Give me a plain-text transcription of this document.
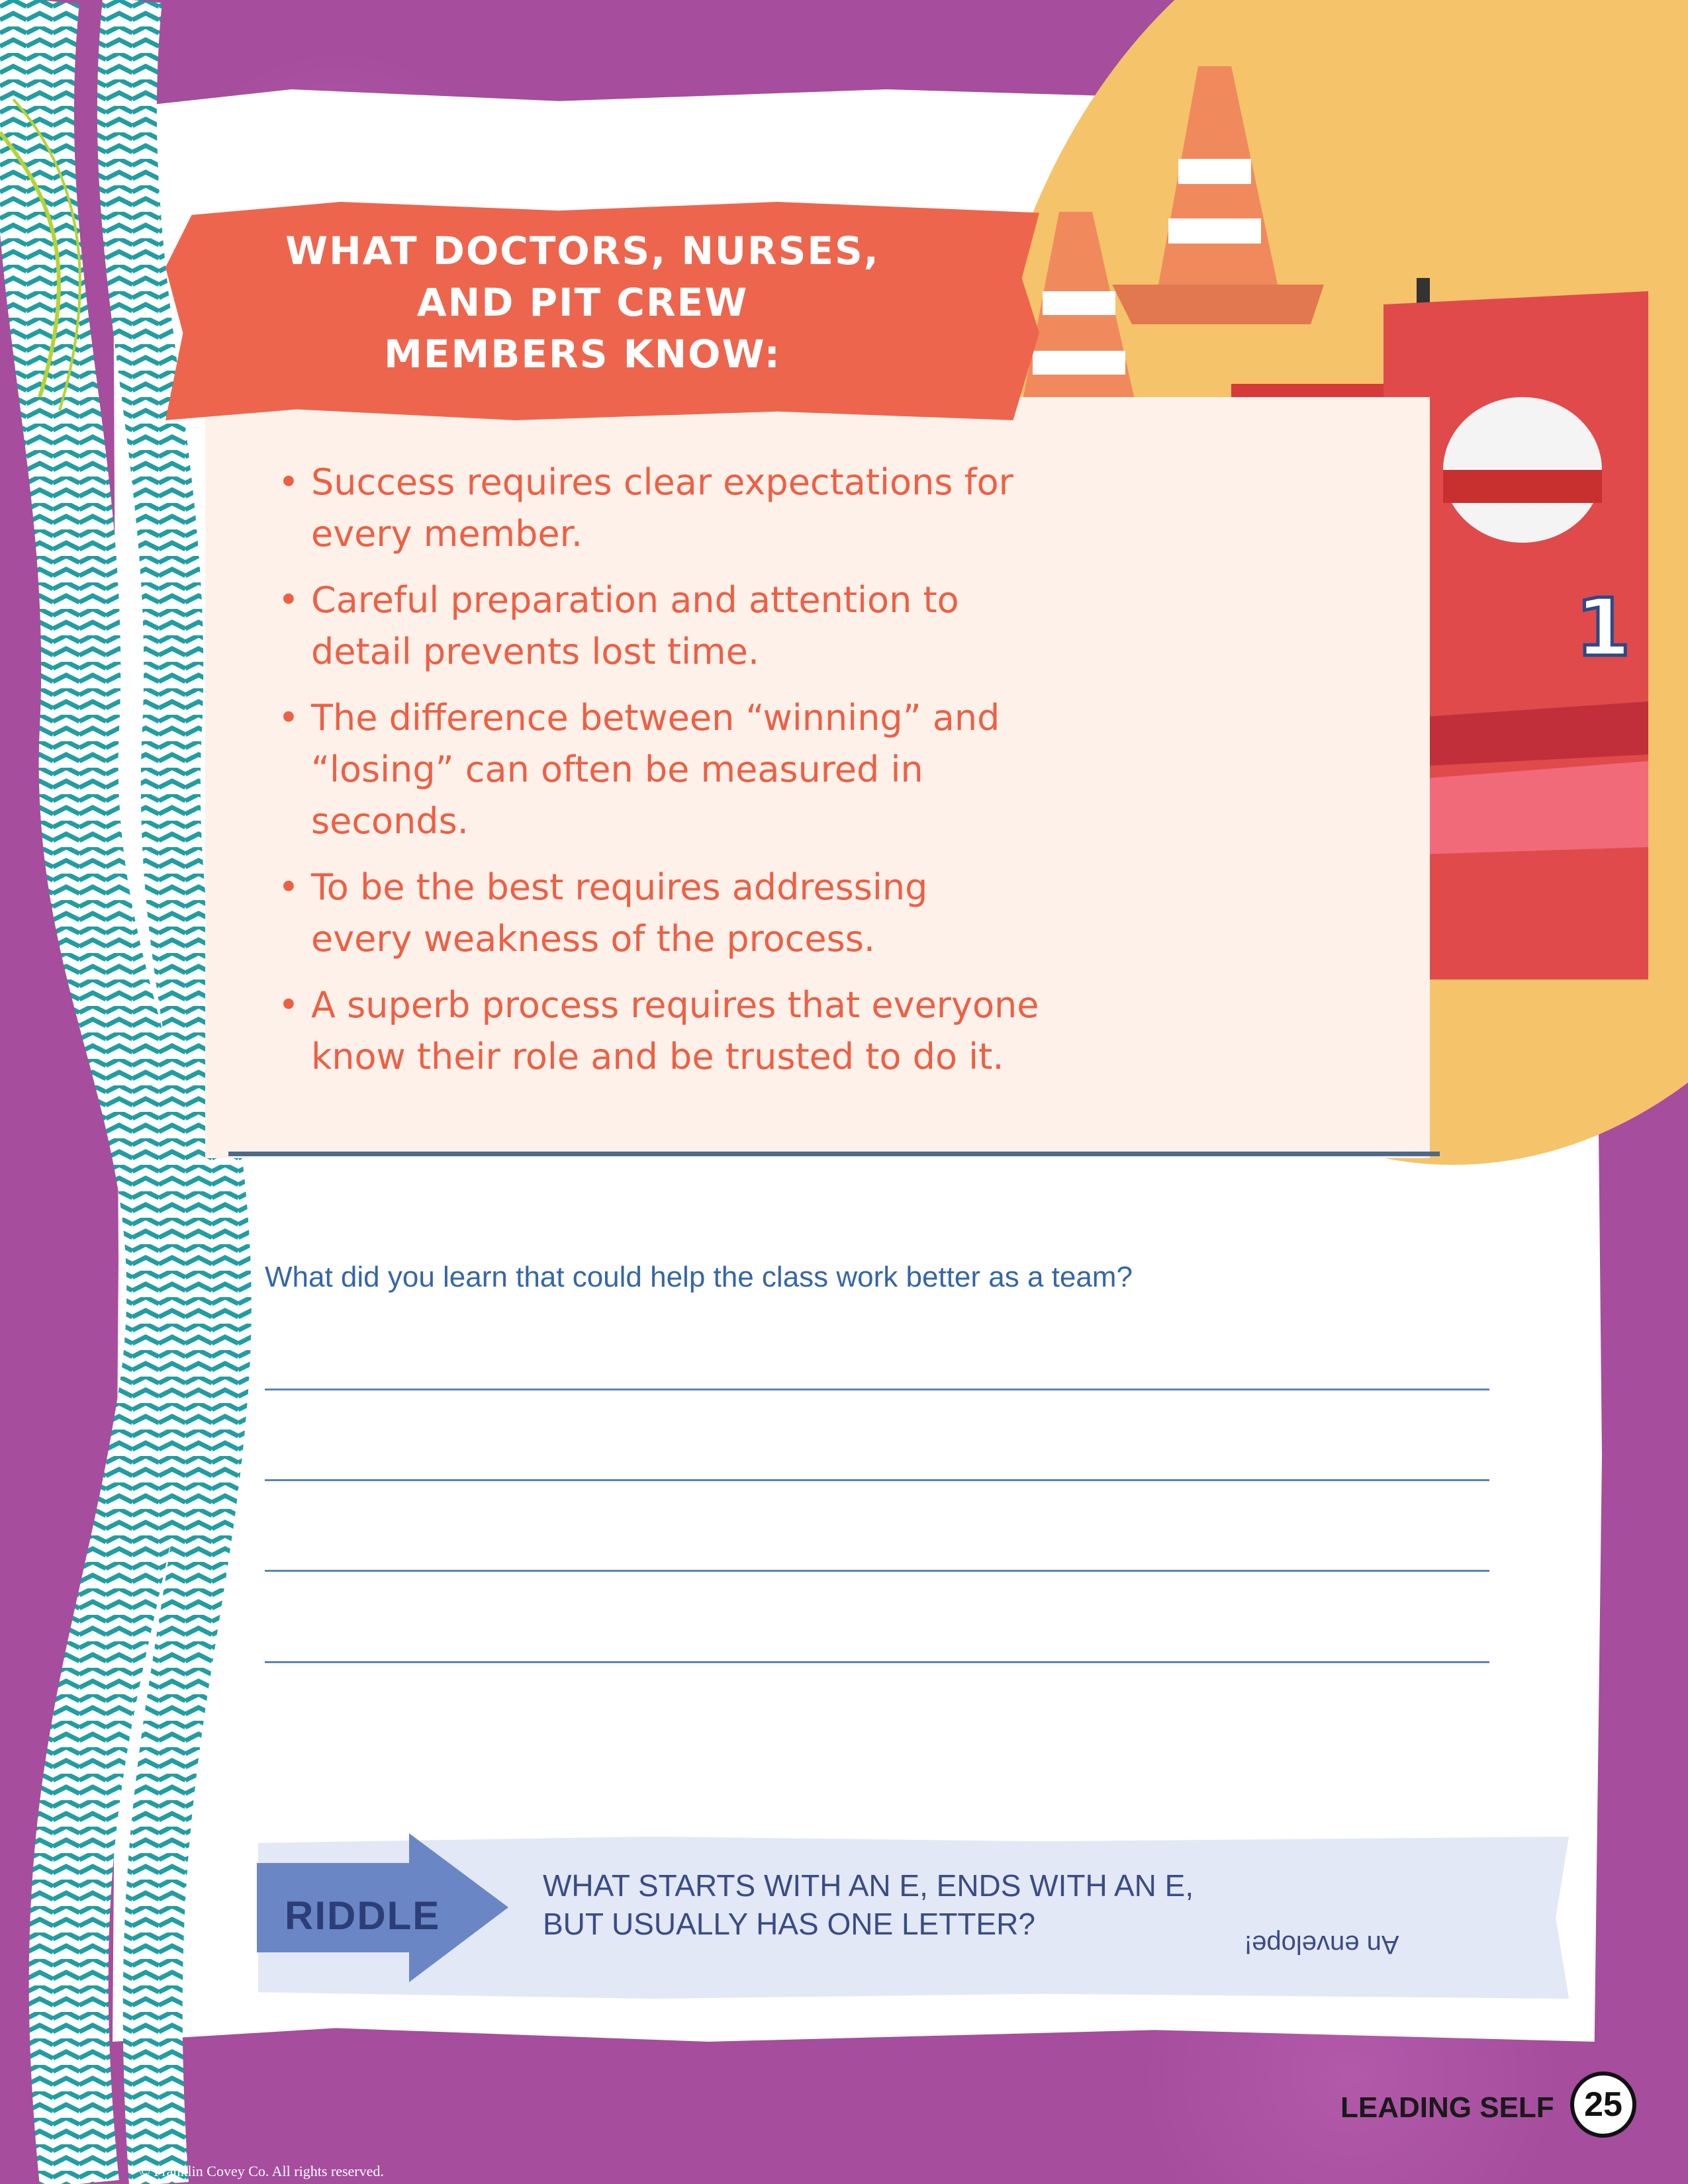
1
WHAT DOCTORS, NURSES,
AND PIT CREW
MEMBERS KNOW:
• Success requires clear expectations for every member.
• Careful preparation and attention to detail prevents lost time.
• The difference between “winning” and “losing” can often be measured in seconds.
• To be the best requires addressing every weakness of the process.
• A superb process requires that everyone know their role and be trusted to do it.
What did you learn that could help the class work better as a team?
RIDDLE
WHAT STARTS WITH AN E, ENDS WITH AN E,
BUT USUALLY HAS ONE LETTER?
An envelope!
LEADING SELF 25
© Franklin Covey Co. All rights reserved.
